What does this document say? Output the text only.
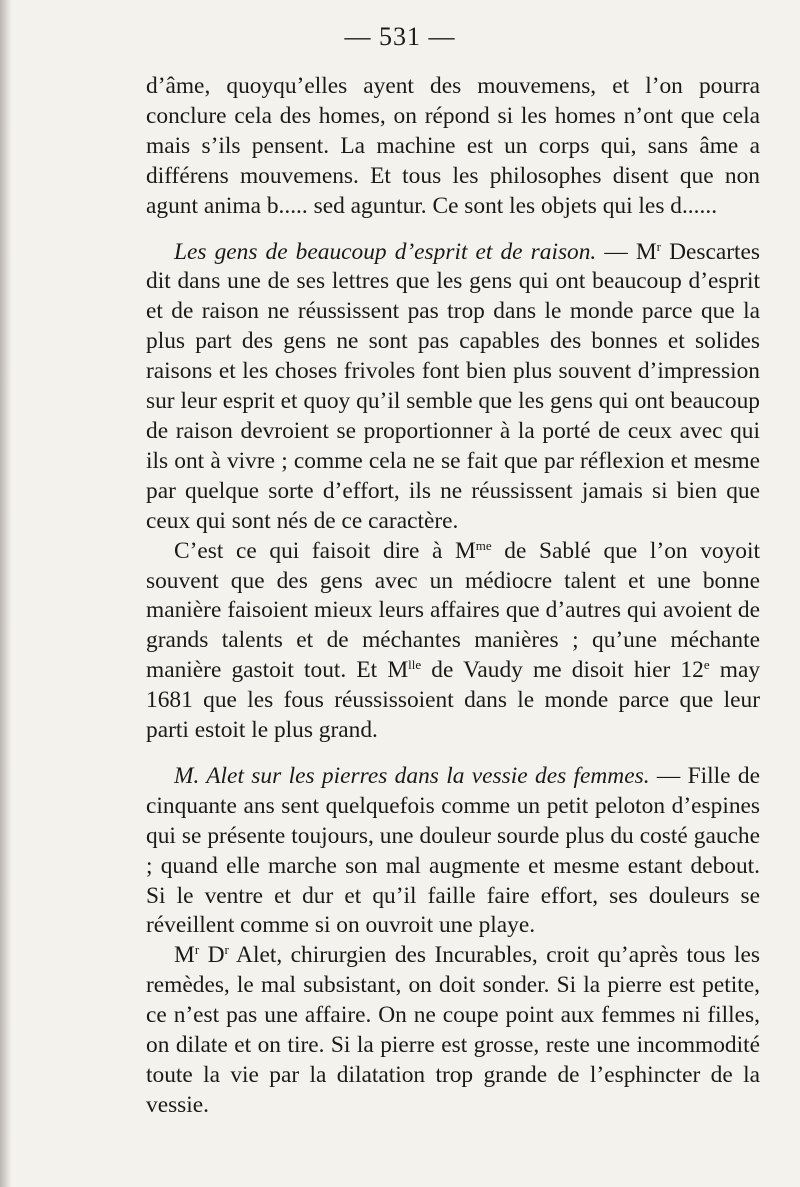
— 531 —

d’âme, quoyqu’elles ayent des mouvemens, et l’on pourra conclure cela des homes, on répond si les homes n’ont que cela mais s’ils pensent. La machine est un corps qui, sans âme a différens mouvemens. Et tous les philosophes disent que non agunt anima b..... sed aguntur. Ce sont les objets qui les d......

Les gens de beaucoup d’esprit et de raison. — $M^r$ Descartes dit dans une de ses lettres que les gens qui ont beaucoup d’esprit et de raison ne réussissent pas trop dans le monde parce que la plus part des gens ne sont pas capables des bonnes et solides raisons et les choses frivoles font bien plus souvent d’impression sur leur esprit et quoy qu’il semble que les gens qui ont beaucoup de raison devroient se proportionner à la porté de ceux avec qui ils ont à vivre ; comme cela ne se fait que par réflexion et mesme par quelque sorte d’effort, ils ne réussissent jamais si bien que ceux qui sont nés de ce caractère.

C’est ce qui faisoit dire à $M^{me}$ de Sablé que l’on voyoit souvent que des gens avec un médiocre talent et une bonne manière faisoient mieux leurs affaires que d’autres qui avoient de grands talents et de méchantes manières ; qu’une méchante manière gastoit tout. Et $M^{lle}$ de Vaudy me disoit hier 12e may 1681 que les fous réussissoient dans le monde parce que leur parti estoit le plus grand.

M. Alet sur les pierres dans la vessie des femmes. — Fille de cinquante ans sent quelquefois comme un petit peloton d’espines qui se présente toujours, une douleur sourde plus du costé gauche ; quand elle marche son mal augmente et mesme estant debout. Si le ventre et dur et qu’il faille faire effort, ses douleurs se réveillent comme si on ouvroit une playe.

$M^r$ $D^r$ Alet, chirurgien des Incurables, croit qu’après tous les remèdes, le mal subsistant, on doit sonder. Si la pierre est petite, ce n’est pas une affaire. On ne coupe point aux femmes ni filles, on dilate et on tire. Si la pierre est grosse, reste une incommodité toute la vie par la dilatation trop grande de l’esphincter de la vessie.
